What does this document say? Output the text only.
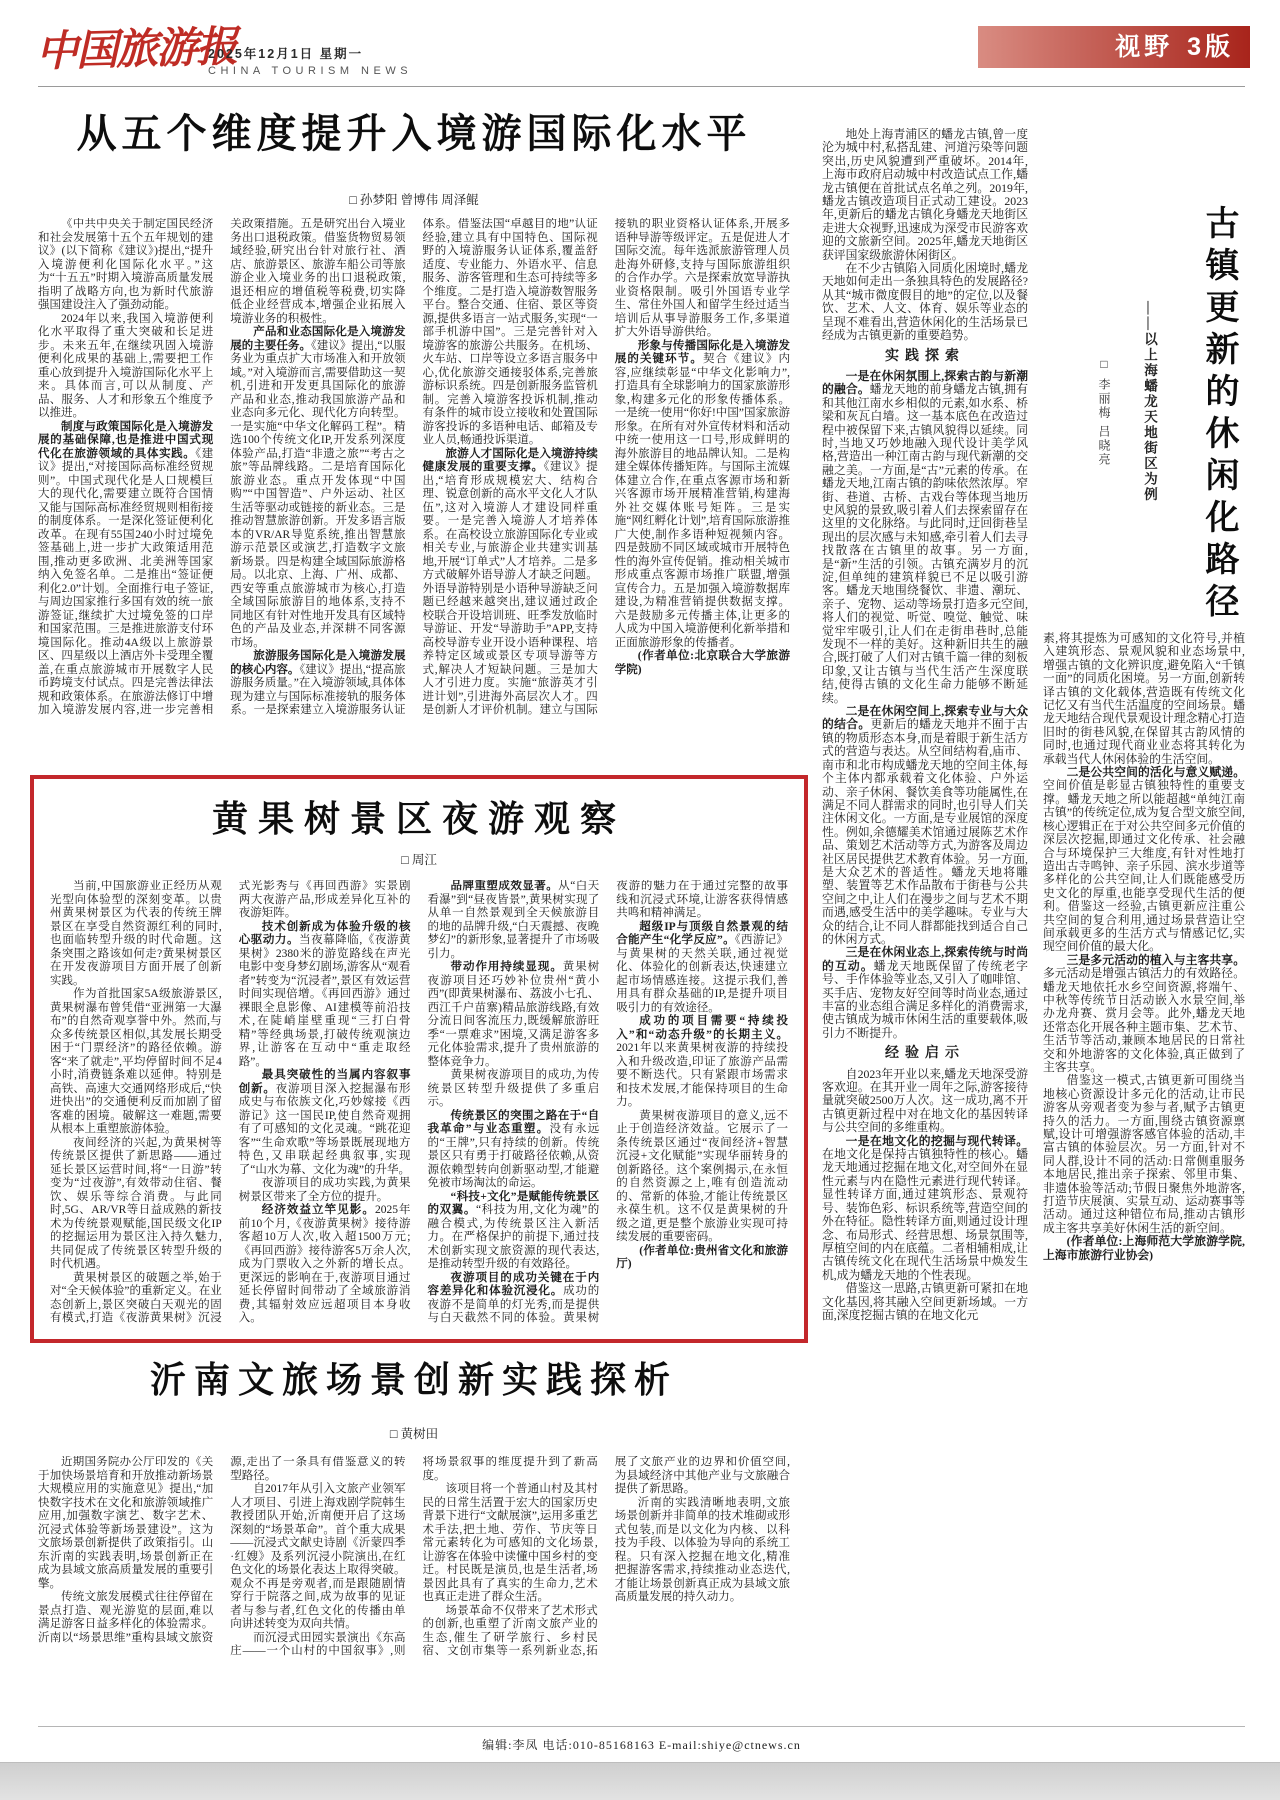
中国旅游报
2025年12月1日 星期一
CHINA TOURISM NEWS
视野 3版
从五个维度提升入境游国际化水平
□ 孙梦阳 曾博伟 周泽鲲

《中共中央关于制定国民经济和社会发展第十五个五年规划的建议》(以下简称《建议》)提出,“提升入境游便利化国际化水平。”这为“十五五”时期入境游高质量发展指明了战略方向,也为新时代旅游强国建设注入了强劲动能。

2024年以来,我国入境游便利化水平取得了重大突破和长足进步。未来五年,在继续巩固入境游便利化成果的基础上,需要把工作重心放到提升入境游国际化水平上来。具体而言,可以从制度、产品、服务、人才和形象五个维度予以推进。

制度与政策国际化是入境游发展的基础保障,也是推进中国式现代化在旅游领域的具体实践。《建议》提出,“对接国际高标准经贸规则”。中国式现代化是人口规模巨大的现代化,需要建立既符合国情又能与国际高标准经贸规则相衔接的制度体系。一是深化签证便利化改革。在现有55国240小时过境免签基础上,进一步扩大政策适用范围,推动更多欧洲、北美洲等国家纳入免签名单。二是推出“签证便利化2.0”计划。全面推行电子签证,与周边国家推行多国有效的统一旅游签证,继续扩大过境免签的口岸和国家范围。三是推进旅游支付环境国际化。推动4A级以上旅游景区、四星级以上酒店外卡受理全覆盖,在重点旅游城市开展数字人民币跨境支付试点。四是完善法律法规和政策体系。在旅游法修订中增加入境游发展内容,进一步完善相关政策措施。五是研究出台入境业务出口退税政策。借鉴货物贸易领域经验,研究出台针对旅行社、酒店、旅游景区、旅游车船公司等旅游企业入境业务的出口退税政策,退还相应的增值税等税费,切实降低企业经营成本,增强企业拓展入境游业务的积极性。

产品和业态国际化是入境游发展的主要任务。《建议》提出,“以服务业为重点扩大市场准入和开放领域。”对入境游而言,需要借助这一契机,引进和开发更具国际化的旅游产品和业态,推动我国旅游产品和业态向多元化、现代化方向转型。一是实施“中华文化解码工程”。精选100个传统文化IP,开发系列深度体验产品,打造“非遗之旅”“考古之旅”等品牌线路。二是培育国际化旅游业态。重点开发体现“中国购”“中国智造”、户外运动、社区生活等驱动或链接的新业态。三是推动智慧旅游创新。开发多语言版本的VR/AR导览系统,推出智慧旅游示范景区或演艺,打造数字文旅新场景。四是构建全域国际旅游格局。以北京、上海、广州、成都、西安等重点旅游城市为核心,打造全域国际旅游目的地体系,支持不同地区有针对性地开发具有区域特色的产品及业态,并深耕不同客源市场。

旅游服务国际化是入境游发展的核心内容。《建议》提出,“提高旅游服务质量。”在入境游领域,具体体现为建立与国际标准接轨的服务体系。一是探索建立入境游服务认证体系。借鉴法国“卓越目的地”认证经验,建立具有中国特色、国际视野的入境游服务认证体系,覆盖舒适度、专业能力、外语水平、信息服务、游客管理和生态可持续等多个维度。二是打造入境游数智服务平台。整合交通、住宿、景区等资源,提供多语言一站式服务,实现“一部手机游中国”。三是完善针对入境游客的旅游公共服务。在机场、火车站、口岸等设立多语言服务中心,优化旅游交通接驳体系,完善旅游标识系统。四是创新服务监管机制。完善入境游客投诉机制,推动有条件的城市设立接收和处置国际游客投诉的多语种电话、邮箱及专业人员,畅通投诉渠道。

旅游人才国际化是入境游持续健康发展的重要支撑。《建议》提出,“培育形成规模宏大、结构合理、锐意创新的高水平文化人才队伍”,这对入境游人才建设同样重要。一是完善入境游人才培养体系。在高校设立旅游国际化专业或相关专业,与旅游企业共建实训基地,开展“订单式”人才培养。二是多方式破解外语导游人才缺乏问题。外语导游特别是小语种导游缺乏问题已经越来越突出,建议通过政企校联合开设培训班、旺季发放临时导游证、开发“导游助手”APP,支持高校导游专业开设小语种课程、培养特定区域或景区专项导游等方式,解决人才短缺问题。三是加大人才引进力度。实施“旅游英才引进计划”,引进海外高层次人才。四是创新人才评价机制。建立与国际接轨的职业资格认证体系,开展多语种导游等级评定。五是促进人才国际交流。每年选派旅游管理人员赴海外研修,支持与国际旅游组织的合作办学。六是探索放宽导游执业资格限制。吸引外国语专业学生、常住外国人和留学生经过适当培训后从事导游服务工作,多渠道扩大外语导游供给。

形象与传播国际化是入境游发展的关键环节。契合《建议》内容,应继续彰显“中华文化影响力”,打造具有全球影响力的国家旅游形象,构建多元化的形象传播体系。一是统一使用“你好!中国”国家旅游形象。在所有对外宣传材料和活动中统一使用这一口号,形成鲜明的海外旅游目的地品牌认知。二是构建全媒体传播矩阵。与国际主流媒体建立合作,在重点客源市场和新兴客源市场开展精准营销,构建海外社交媒体账号矩阵。三是实施“网红孵化计划”,培育国际旅游推广大使,制作多语种短视频内容。四是鼓励不同区域或城市开展特色性的海外宣传促销。推动相关城市形成重点客源市场推广联盟,增强宣传合力。五是加强入境游数据库建设,为精准营销提供数据支撑。六是鼓励多元传播主体,让更多的人成为中国入境游便利化新举措和正面旅游形象的传播者。

(作者单位:北京联合大学旅游学院)

黄果树景区夜游观察
□ 周江

当前,中国旅游业正经历从观光型向体验型的深刻变革。以贵州黄果树景区为代表的传统王牌景区在享受自然资源红利的同时,也面临转型升级的时代命题。这条突围之路该如何走?黄果树景区在开发夜游项目方面开展了创新实践。

作为首批国家5A级旅游景区,黄果树瀑布曾凭借“亚洲第一大瀑布”的自然奇观享誉中外。然而,与众多传统景区相似,其发展长期受困于“门票经济”的路径依赖。游客“来了就走”,平均停留时间不足4小时,消费链条难以延伸。特别是高铁、高速大交通网络形成后,“快进快出”的交通便利反而加剧了留客难的困境。破解这一难题,需要从根本上重塑旅游体验。

夜间经济的兴起,为黄果树等传统景区提供了新思路——通过延长景区运营时间,将“一日游”转变为“过夜游”,有效带动住宿、餐饮、娱乐等综合消费。与此同时,5G、AR/VR等日益成熟的新技术为传统景观赋能,国民级文化IP的挖掘运用为景区注入持久魅力,共同促成了传统景区转型升级的时代机遇。

黄果树景区的破题之举,始于对“全天候体验”的重新定义。在业态创新上,景区突破白天观光的固有模式,打造《夜游黄果树》沉浸式光影秀与《再回西游》实景剧两大夜游产品,形成差异化互补的夜游矩阵。

技术创新成为体验升级的核心驱动力。当夜幕降临,《夜游黄果树》2380米的游览路线在声光电影中变身梦幻剧场,游客从“观看者”转变为“沉浸者”,景区有效运营时间实现倍增。《再回西游》通过裸眼全息影像、AI建模等前沿技术,在陡峭崖壁重现“三打白骨精”等经典场景,打破传统观演边界,让游客在互动中“重走取经路”。

最具突破性的当属内容叙事创新。夜游项目深入挖掘瀑布形成史与布依族文化,巧妙嫁接《西游记》这一国民IP,使自然奇观拥有了可感知的文化灵魂。“跳花迎客”“生命欢歌”等场景既展现地方特色,又串联起经典叙事,实现了“山水为幕、文化为魂”的升华。

夜游项目的成功实践,为黄果树景区带来了全方位的提升。

经济效益立竿见影。2025年前10个月,《夜游黄果树》接待游客超10万人次,收入超1500万元;《再回西游》接待游客5万余人次,成为门票收入之外新的增长点。更深远的影响在于,夜游项目通过延长停留时间带动了全域旅游消费,其辐射效应远超项目本身收入。

品牌重塑成效显著。从“白天看瀑”到“昼夜皆景”,黄果树实现了从单一自然景观到全天候旅游目的地的品牌升级,“白天震撼、夜晚梦幻”的新形象,显著提升了市场吸引力。

带动作用持续显现。黄果树夜游项目还巧妙补位贵州“黄小西”(即黄果树瀑布、荔波小七孔、西江千户苗寨)精品旅游线路,有效分流日间客流压力,既缓解旅游旺季“一票难求”困境,又满足游客多元化体验需求,提升了贵州旅游的整体竞争力。

黄果树夜游项目的成功,为传统景区转型升级提供了多重启示。

传统景区的突围之路在于“自我革命”与业态重塑。没有永远的“王牌”,只有持续的创新。传统景区只有勇于打破路径依赖,从资源依赖型转向创新驱动型,才能避免被市场淘汰的命运。

“科技+文化”是赋能传统景区的双翼。“科技为用,文化为魂”的融合模式,为传统景区注入新活力。在严格保护的前提下,通过技术创新实现文旅资源的现代表达,是推动转型升级的有效路径。

夜游项目的成功关键在于内容差异化和体验沉浸化。成功的夜游不是简单的灯光秀,而是提供与白天截然不同的体验。黄果树夜游的魅力在于通过完整的故事线和沉浸式环境,让游客获得情感共鸣和精神满足。

超级IP与顶级自然景观的结合能产生“化学反应”。《西游记》与黄果树的天然关联,通过视觉化、体验化的创新表达,快速建立起市场情感连接。这提示我们,善用具有群众基础的IP,是提升项目吸引力的有效途径。

成功的项目需要“持续投入”和“动态升级”的长期主义。2021年以来黄果树夜游的持续投入和升级改造,印证了旅游产品需要不断迭代。只有紧跟市场需求和技术发展,才能保持项目的生命力。

黄果树夜游项目的意义,远不止于创造经济效益。它展示了一条传统景区通过“夜间经济+智慧沉浸+文化赋能”实现华丽转身的创新路径。这个案例揭示,在永恒的自然资源之上,唯有创造流动的、常新的体验,才能让传统景区永葆生机。这不仅是黄果树的升级之道,更是整个旅游业实现可持续发展的重要密码。

(作者单位:贵州省文化和旅游厅)

沂南文旅场景创新实践探析
□ 黄树田

近期国务院办公厅印发的《关于加快场景培育和开放推动新场景大规模应用的实施意见》提出,“加快数字技术在文化和旅游领域推广应用,加强数字演艺、数字艺术、沉浸式体验等新场景建设”。这为文旅场景创新提供了政策指引。山东沂南的实践表明,场景创新正在成为县域文旅高质量发展的重要引擎。

传统文旅发展模式往往停留在景点打造、观光游览的层面,难以满足游客日益多样化的体验需求。沂南以“场景思维”重构县域文旅资源,走出了一条具有借鉴意义的转型路径。

自2017年从引入文旅产业领军人才项目、引进上海戏剧学院韩生教授团队开始,沂南便开启了这场深刻的“场景革命”。首个重大成果——沉浸式文献史诗剧《沂蒙四季·红嫂》及系列沉浸小院演出,在红色文化的场景化表达上取得突破。观众不再是旁观者,而是跟随剧情穿行于院落之间,成为故事的见证者与参与者,红色文化的传播由单向讲述转变为双向共情。

而沉浸式田园实景演出《东高庄——一个山村的中国叙事》,则将场景叙事的维度提升到了新高度。

该项目将一个普通山村及其村民的日常生活置于宏大的国家历史背景下进行“文献展演”,运用多重艺术手法,把土地、劳作、节庆等日常元素转化为可感知的文化场景,让游客在体验中读懂中国乡村的变迁。村民既是演员,也是生活者,场景因此具有了真实的生命力,艺术也真正走进了群众生活。

场景革命不仅带来了艺术形式的创新,也重塑了沂南文旅产业的生态,催生了研学旅行、乡村民宿、文创市集等一系列新业态,拓展了文旅产业的边界和价值空间,为县域经济中其他产业与文旅融合提供了新思路。

沂南的实践清晰地表明,文旅场景创新并非简单的技术堆砌或形式包装,而是以文化为内核、以科技为手段、以体验为导向的系统工程。只有深入挖掘在地文化,精准把握游客需求,持续推动业态迭代,才能让场景创新真正成为县域文旅高质量发展的持久动力。

地处上海青浦区的蟠龙古镇,曾一度沦为城中村,私搭乱建、河道污染等问题突出,历史风貌遭到严重破坏。2014年,上海市政府启动城中村改造试点工作,蟠龙古镇便在首批试点名单之列。2019年,蟠龙古镇改造项目正式动工建设。2023年,更新后的蟠龙古镇化身蟠龙天地街区走进大众视野,迅速成为深受市民游客欢迎的文旅新空间。2025年,蟠龙天地街区获评国家级旅游休闲街区。

在不少古镇陷入同质化困境时,蟠龙天地如何走出一条独具特色的发展路径?从其“城市微度假目的地”的定位,以及餐饮、艺术、人文、体育、娱乐等业态的呈现不难看出,营造休闲化的生活场景已经成为古镇更新的重要趋势。

实践探索

一是在休闲氛围上,探索古韵与新潮的融合。蟠龙天地的前身蟠龙古镇,拥有和其他江南水乡相似的元素,如水系、桥梁和灰瓦白墙。这一基本底色在改造过程中被保留下来,古镇风貌得以延续。同时,当地又巧妙地融入现代设计美学风格,营造出一种江南古韵与现代新潮的交融之美。一方面,是“古”元素的传承。在蟠龙天地,江南古镇的韵味依然浓厚。窄街、巷道、古桥、古戏台等体现当地历史风貌的景致,吸引着人们去探索留存在这里的文化脉络。与此同时,迂回街巷呈现出的层次感与未知感,牵引着人们去寻找散落在古镇里的故事。另一方面,是“新”生活的引领。古镇充满岁月的沉淀,但单纯的建筑样貌已不足以吸引游客。蟠龙天地围绕餐饮、非遗、潮玩、亲子、宠物、运动等场景打造多元空间,将人们的视觉、听觉、嗅觉、触觉、味觉牢牢吸引,让人们在走街串巷时,总能发现不一样的美好。这种新旧共生的融合,既打破了人们对古镇千篇一律的刻板印象,又让古镇与当代生活产生深度联结,使得古镇的文化生命力能够不断延续。

二是在休闲空间上,探索专业与大众的结合。更新后的蟠龙天地并不囿于古镇的物质形态本身,而是着眼于新生活方式的营造与表达。从空间结构看,庙市、南市和北市构成蟠龙天地的空间主体,每个主体内都承载着文化体验、户外运动、亲子休闲、餐饮美食等功能属性,在满足不同人群需求的同时,也引导人们关注休闲文化。一方面,是专业展馆的深度性。例如,余德耀美术馆通过展陈艺术作品、策划艺术活动等方式,为游客及周边社区居民提供艺术教育体验。另一方面,是大众艺术的普适性。蟠龙天地将雕塑、装置等艺术作品散布于街巷与公共空间之中,让人们在漫步之间与艺术不期而遇,感受生活中的美学趣味。专业与大众的结合,让不同人群都能找到适合自己的休闲方式。

三是在休闲业态上,探索传统与时尚的互动。蟠龙天地既保留了传统老字号、手作体验等业态,又引入了咖啡馆、买手店、宠物友好空间等时尚业态,通过丰富的业态组合满足多样化的消费需求,使古镇成为城市休闲生活的重要载体,吸引力不断提升。

经验启示

自2023年开业以来,蟠龙天地深受游客欢迎。在其开业一周年之际,游客接待量就突破2500万人次。这一成功,离不开古镇更新过程中对在地文化的基因转译与公共空间的多维重构。

一是在地文化的挖掘与现代转译。在地文化是保持古镇独特性的核心。蟠龙天地通过挖掘在地文化,对空间外在显性元素与内在隐性元素进行现代转译。显性转译方面,通过建筑形态、景观符号、装饰色彩、标识系统等,营造空间的外在特征。隐性转译方面,则通过设计理念、布局形式、经营思想、场景氛围等,厚植空间的内在底蕴。二者相辅相成,让古镇传统文化在现代生活场景中焕发生机,成为蟠龙天地的个性表现。

借鉴这一思路,古镇更新可紧扣在地文化基因,将其融入空间更新场域。一方面,深度挖掘古镇的在地文化元

古镇更新的休闲化路径
——以上海蟠龙天地街区为例
□ 李丽梅 吕晓亮

素,将其提炼为可感知的文化符号,并植入建筑形态、景观风貌和业态场景中,增强古镇的文化辨识度,避免陷入“千镇一面”的同质化困境。另一方面,创新转译古镇的文化载体,营造既有传统文化记忆又有当代生活温度的空间场景。蟠龙天地结合现代景观设计理念精心打造旧时的街巷风貌,在保留其古韵风情的同时,也通过现代商业业态将其转化为承载当代人休闲体验的生活空间。

二是公共空间的活化与意义赋递。空间价值是彰显古镇独特性的重要支撑。蟠龙天地之所以能超越“单纯江南古镇”的传统定位,成为复合型文旅空间,核心逻辑正在于对公共空间多元价值的深层次挖掘,即通过文化传承、社会融合与环境保护三大维度,有针对性地打造出古寺鸣钟、亲子乐园、滨水步道等多样化的公共空间,让人们既能感受历史文化的厚重,也能享受现代生活的便利。借鉴这一经验,古镇更新应注重公共空间的复合利用,通过场景营造让空间承载更多的生活方式与情感记忆,实现空间价值的最大化。

三是多元活动的植入与主客共享。多元活动是增强古镇活力的有效路径。蟠龙天地依托水乡空间资源,将端午、中秋等传统节日活动嵌入水景空间,举办龙舟赛、赏月会等。此外,蟠龙天地还常态化开展各种主题市集、艺术节、生活节等活动,兼顾本地居民的日常社交和外地游客的文化体验,真正做到了主客共享。

借鉴这一模式,古镇更新可围绕当地核心资源设计多元化的活动,让市民游客从旁观者变为参与者,赋予古镇更持久的活力。一方面,围绕古镇资源禀赋,设计可增强游客感官体验的活动,丰富古镇的体验层次。另一方面,针对不同人群,设计不同的活动:日常侧重服务本地居民,推出亲子探索、邻里市集、非遗体验等活动;节假日聚焦外地游客,打造节庆展演、实景互动、运动赛事等活动。通过这种错位布局,推动古镇形成主客共享美好休闲生活的新空间。

(作者单位:上海师范大学旅游学院,上海市旅游行业协会)

编辑:李凤 电话:010-85168163 E-mail:shiye@ctnews.cn
